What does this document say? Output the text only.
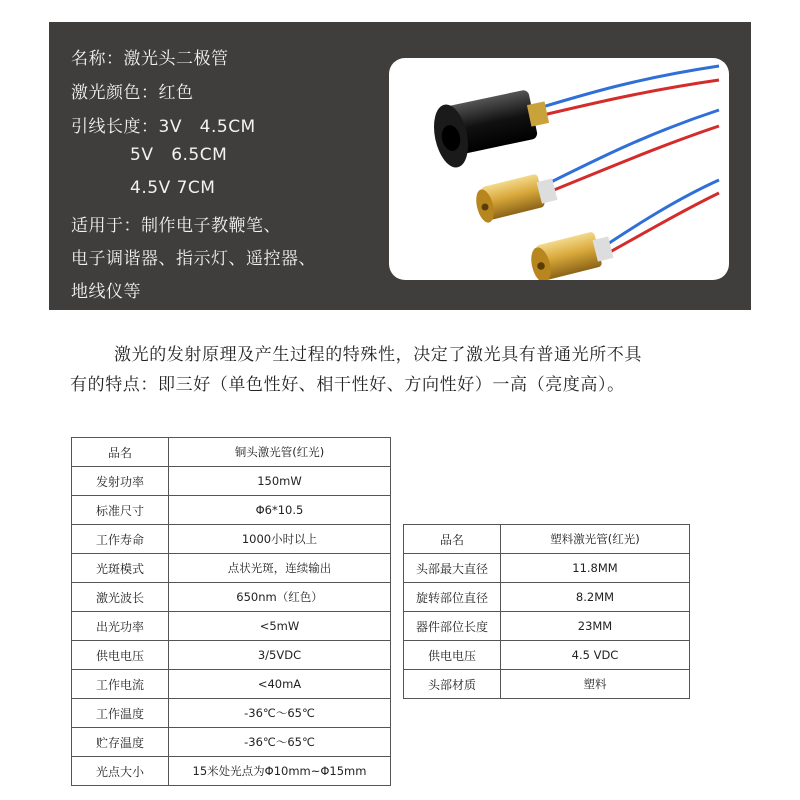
名称：激光头二极管
激光颜色：红色
引线长度：3V   4.5CM
5V   6.5CM
4.5V 7CM
适用于：制作电子教鞭笔、
电子调谐器、指示灯、遥控器、
地线仪等

激光的发射原理及产生过程的特殊性，决定了激光具有普通光所不具

有的特点：即三好（单色性好、相干性好、方向性好）一高（亮度高）。

品名	铜头激光管(红光)
发射功率	150mW
标准尺寸	Φ6*10.5
工作寿命	1000小时以上
光斑模式	点状光斑，连续输出
激光波长	650nm（红色）
出光功率	<5mW
供电电压	3/5VDC
工作电流	<40mA
工作温度	-36℃～65℃
贮存温度	-36℃～65℃
光点大小	15米处光点为Φ10mm~Φ15mm
品名	塑料激光管(红光)
头部最大直径	11.8MM
旋转部位直径	8.2MM
器件部位长度	23MM
供电电压	4.5 VDC
头部材质	塑料
